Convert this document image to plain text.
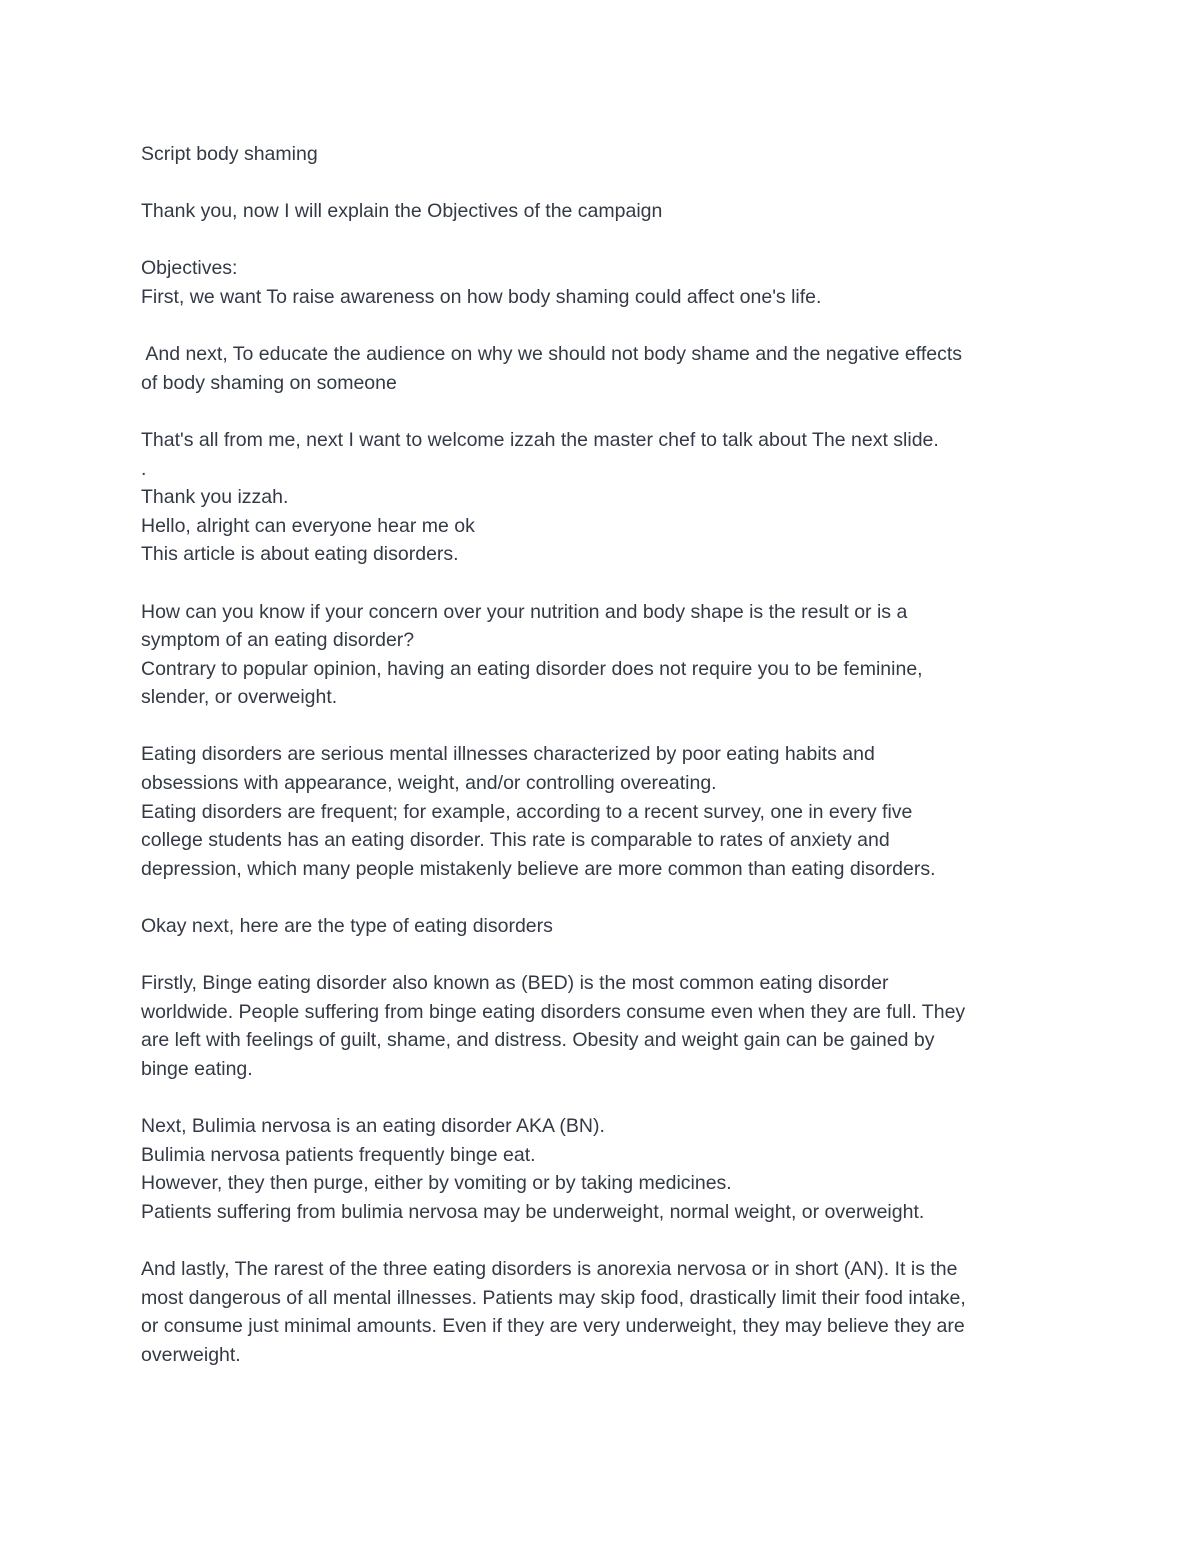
Script body shaming
Thank you, now I will explain the Objectives of the campaign
Objectives:
First, we want To raise awareness on how body shaming could affect one's life.
And next, To educate the audience on why we should not body shame and the negative effects
of body shaming on someone
That's all from me, next I want to welcome izzah the master chef to talk about The next slide.
.
Thank you izzah.
Hello, alright can everyone hear me ok
This article is about eating disorders.
How can you know if your concern over your nutrition and body shape is the result or is a
symptom of an eating disorder?
Contrary to popular opinion, having an eating disorder does not require you to be feminine,
slender, or overweight.
Eating disorders are serious mental illnesses characterized by poor eating habits and
obsessions with appearance, weight, and/or controlling overeating.
Eating disorders are frequent; for example, according to a recent survey, one in every five
college students has an eating disorder. This rate is comparable to rates of anxiety and
depression, which many people mistakenly believe are more common than eating disorders.
Okay next, here are the type of eating disorders
Firstly, Binge eating disorder also known as (BED) is the most common eating disorder
worldwide. People suffering from binge eating disorders consume even when they are full. They
are left with feelings of guilt, shame, and distress. Obesity and weight gain can be gained by
binge eating.
Next, Bulimia nervosa is an eating disorder AKA (BN).
Bulimia nervosa patients frequently binge eat.
However, they then purge, either by vomiting or by taking medicines.
Patients suffering from bulimia nervosa may be underweight, normal weight, or overweight.
And lastly, The rarest of the three eating disorders is anorexia nervosa or in short (AN). It is the
most dangerous of all mental illnesses. Patients may skip food, drastically limit their food intake,
or consume just minimal amounts. Even if they are very underweight, they may believe they are
overweight.
